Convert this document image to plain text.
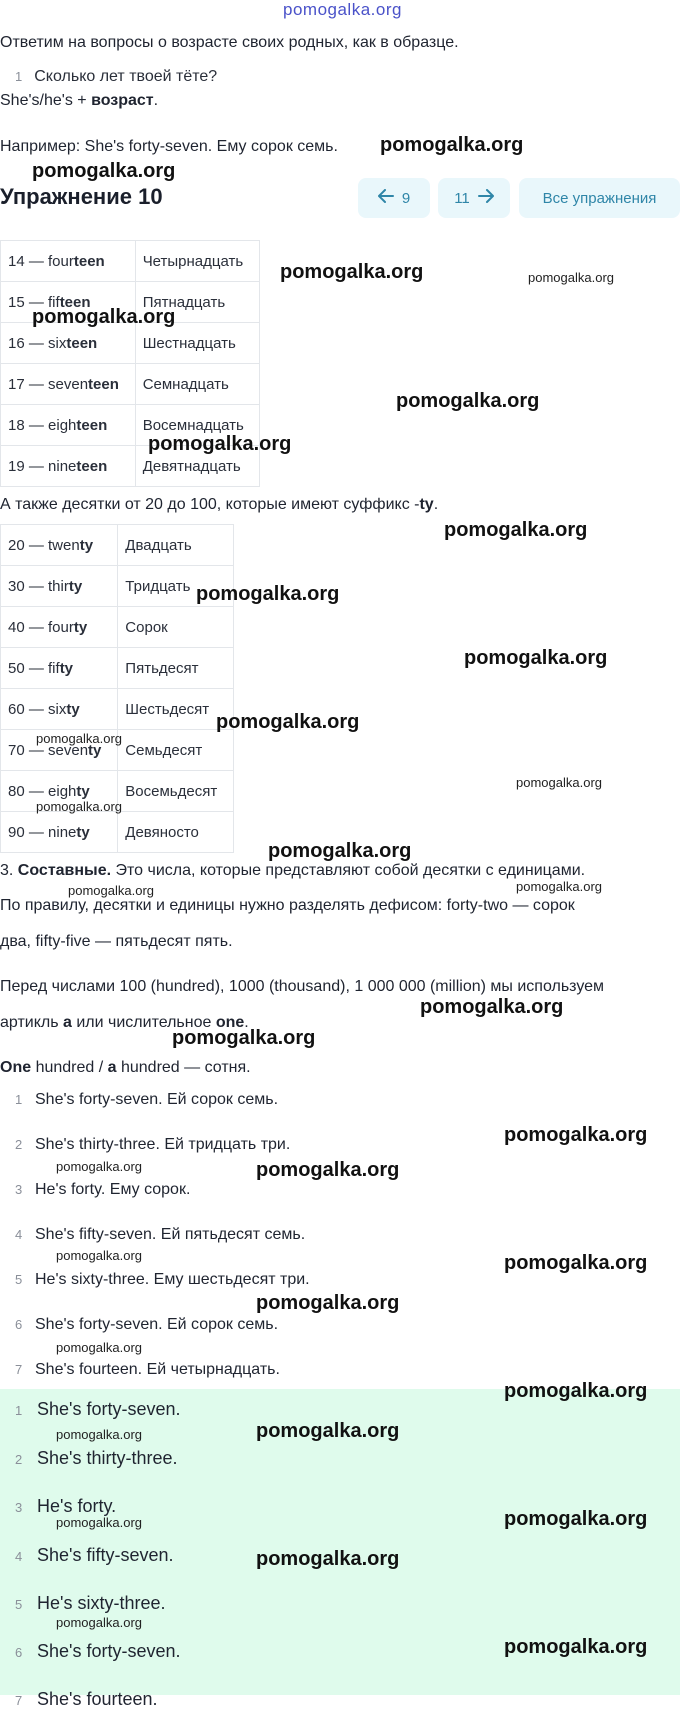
pomogalka.org
Ответим на вопросы о возрасте своих родных, как в образце.
1 Сколько лет твоей тёте?
She's/he's + возраст.
Например: She's forty-seven. Ему сорок семь.
Упражнение 10	9	11	Все упражнения
14 — fourteen	Четырнадцать
15 — fifteen	Пятнадцать
16 — sixteen	Шестнадцать
17 — seventeen	Семнадцать
18 — eighteen	Восемнадцать
19 — nineteen	Девятнадцать
А также десятки от 20 до 100, которые имеют суффикс -ty.
20 — twenty	Двадцать
30 — thirty	Тридцать
40 — fourty	Сорок
50 — fifty	Пятьдесят
60 — sixty	Шестьдесят
70 — seventy	Семьдесят
80 — eighty	Восемьдесят
90 — ninety	Девяносто
3. Составные. Это числа, которые представляют собой десятки с единицами.
По правилу, десятки и единицы нужно разделять дефисом: forty-two — сорок
два, fifty-five — пятьдесят пять.
Перед числами 100 (hundred), 1000 (thousand), 1 000 000 (million) мы используем
артикль a или числительное one.
One hundred / a hundred — сотня.
1 She's forty-seven. Ей сорок семь.
2 She's thirty-three. Ей тридцать три.
3 He's forty. Ему сорок.
4 She's fifty-seven. Ей пятьдесят семь.
5 He's sixty-three. Ему шестьдесят три.
6 She's forty-seven. Ей сорок семь.
7 She's fourteen. Ей четырнадцать.
1 She's forty-seven.
2 She's thirty-three.
3 He's forty.
4 She's fifty-seven.
5 He's sixty-three.
6 She's forty-seven.
7 She's fourteen.
pomogalka.org
pomogalka.org
pomogalka.org	pomogalka.org
pomogalka.org
pomogalka.org
pomogalka.org
pomogalka.org
pomogalka.org
pomogalka.org
pomogalka.org
pomogalka.org
pomogalka.org
pomogalka.org
pomogalka.org
pomogalka.org	pomogalka.org
pomogalka.org
pomogalka.org
pomogalka.org
pomogalka.org	pomogalka.org
pomogalka.org
pomogalka.org
pomogalka.org
pomogalka.org
pomogalka.org
pomogalka.org
pomogalka.org
pomogalka.org
pomogalka.org
pomogalka.org
pomogalka.org
pomogalka.org
